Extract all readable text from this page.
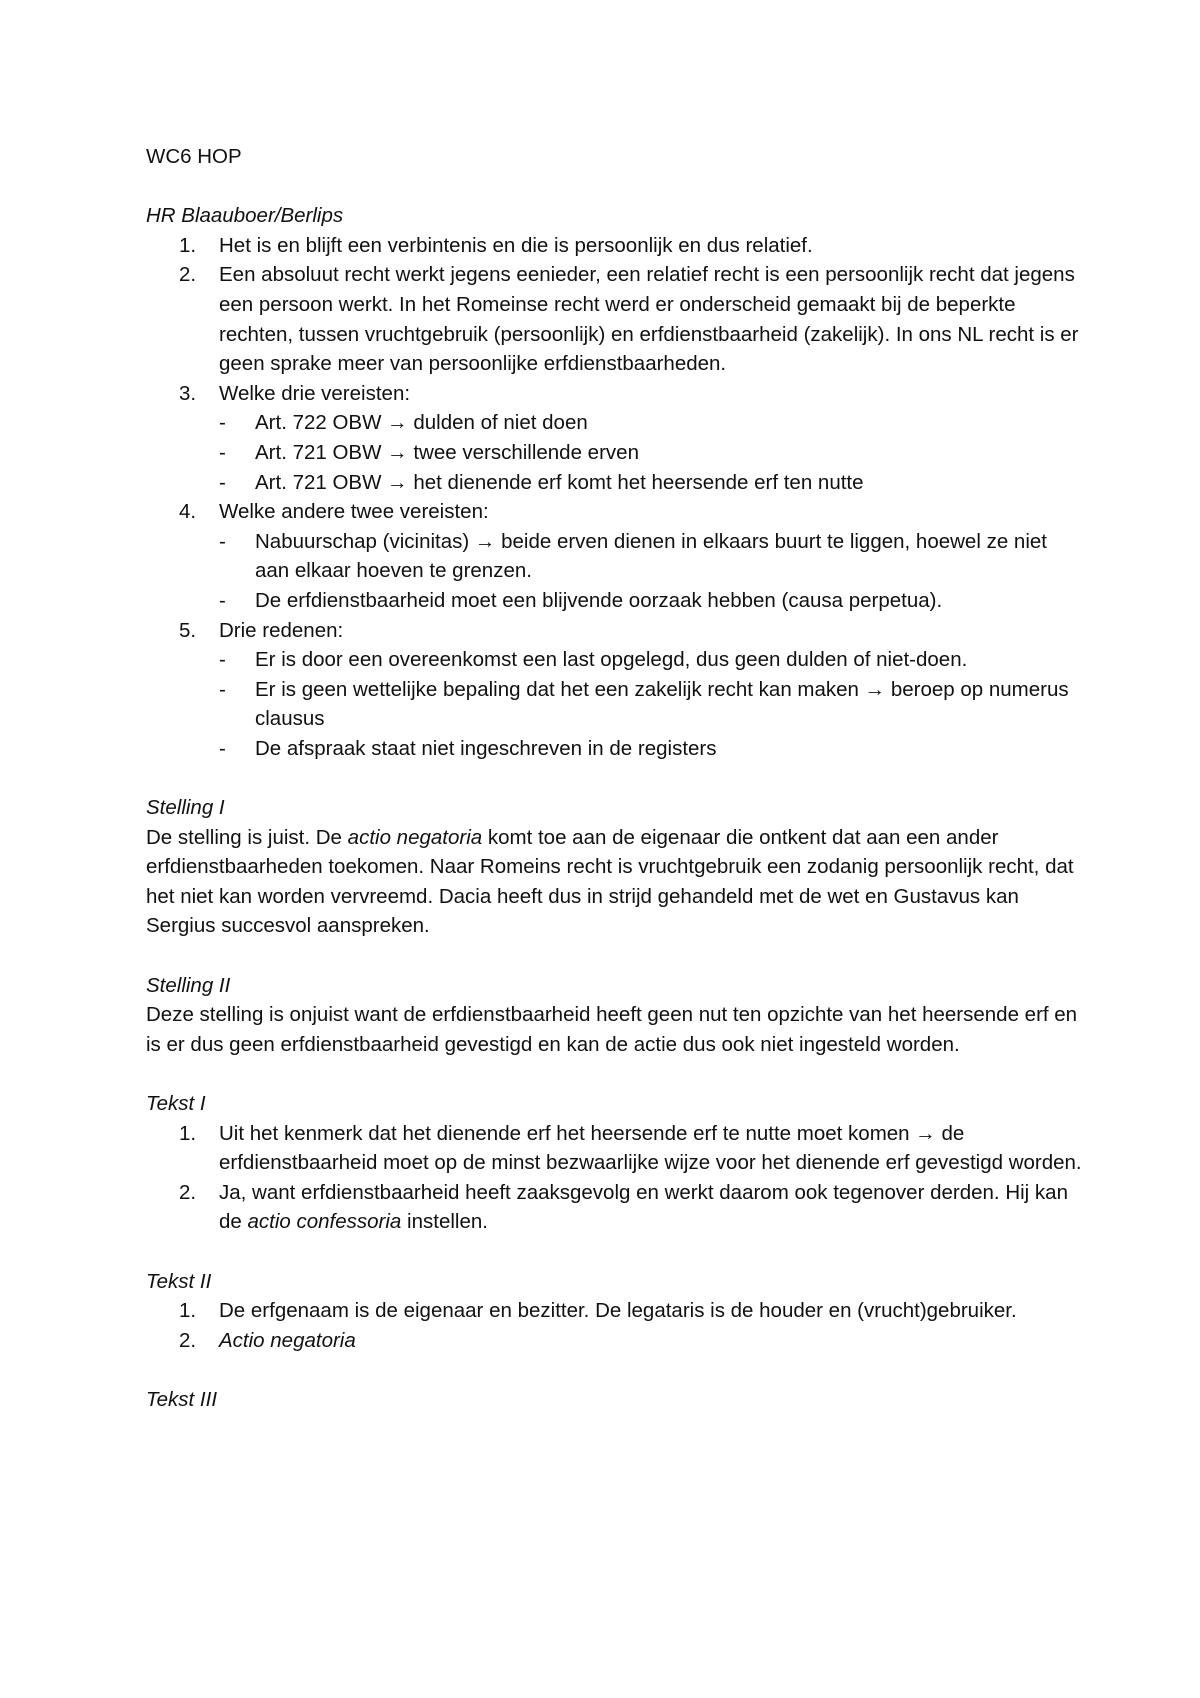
WC6 HOP

HR Blaauboer/Berlips

1. Het is en blijft een verbintenis en die is persoonlijk en dus relatief.
2. Een absoluut recht werkt jegens eenieder, een relatief recht is een persoonlijk recht dat jegens een persoon werkt. In het Romeinse recht werd er onderscheid gemaakt bij de beperkte rechten, tussen vruchtgebruik (persoonlijk) en erfdienstbaarheid (zakelijk). In ons NL recht is er geen sprake meer van persoonlijke erfdienstbaarheden.
3. Welke drie vereisten:
- Art. 722 OBW → dulden of niet doen
- Art. 721 OBW → twee verschillende erven
- Art. 721 OBW → het dienende erf komt het heersende erf ten nutte
4. Welke andere twee vereisten:
- Nabuurschap (vicinitas) → beide erven dienen in elkaars buurt te liggen, hoewel ze niet aan elkaar hoeven te grenzen.
- De erfdienstbaarheid moet een blijvende oorzaak hebben (causa perpetua).
5. Drie redenen:
- Er is door een overeenkomst een last opgelegd, dus geen dulden of niet-doen.
- Er is geen wettelijke bepaling dat het een zakelijk recht kan maken → beroep op numerus clausus
- De afspraak staat niet ingeschreven in de registers

Stelling I

De stelling is juist. De actio negatoria komt toe aan de eigenaar die ontkent dat aan een ander erfdienstbaarheden toekomen. Naar Romeins recht is vruchtgebruik een zodanig persoonlijk recht, dat het niet kan worden vervreemd. Dacia heeft dus in strijd gehandeld met de wet en Gustavus kan Sergius succesvol aanspreken.

Stelling II

Deze stelling is onjuist want de erfdienstbaarheid heeft geen nut ten opzichte van het heersende erf en is er dus geen erfdienstbaarheid gevestigd en kan de actie dus ook niet ingesteld worden.

Tekst I

1. Uit het kenmerk dat het dienende erf het heersende erf te nutte moet komen → de erfdienstbaarheid moet op de minst bezwaarlijke wijze voor het dienende erf gevestigd worden.
2. Ja, want erfdienstbaarheid heeft zaaksgevolg en werkt daarom ook tegenover derden. Hij kan de actio confessoria instellen.

Tekst II

1. De erfgenaam is de eigenaar en bezitter. De legataris is de houder en (vrucht)gebruiker.
2. Actio negatoria

Tekst III
